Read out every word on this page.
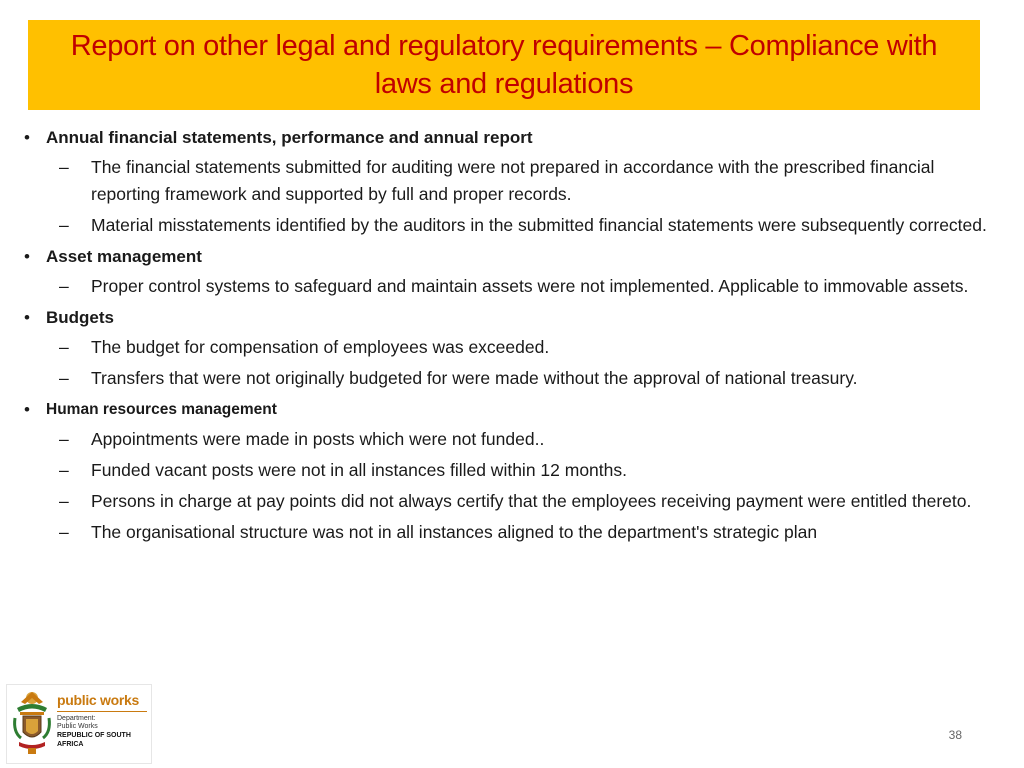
Report on other legal and regulatory requirements – Compliance with laws and regulations
• Annual financial statements, performance and annual report
– The financial statements submitted for auditing were not prepared in accordance with the prescribed financial reporting framework and supported by full and proper records.
– Material misstatements identified by the auditors in the submitted financial statements were subsequently corrected.
• Asset management
– Proper control systems to safeguard and maintain assets were not implemented. Applicable to immovable assets.
• Budgets
– The budget for compensation of employees was exceeded.
– Transfers that were not originally budgeted for were made without the approval of national treasury.
• Human resources management
– Appointments were made in posts which were not funded..
– Funded vacant posts were not in all instances filled within 12 months.
– Persons in charge at pay points did not always certify that the employees receiving payment were entitled thereto.
– The organisational structure was not in all instances aligned to the department's strategic plan
public works
Department:
Public Works
REPUBLIC OF SOUTH AFRICA
38
